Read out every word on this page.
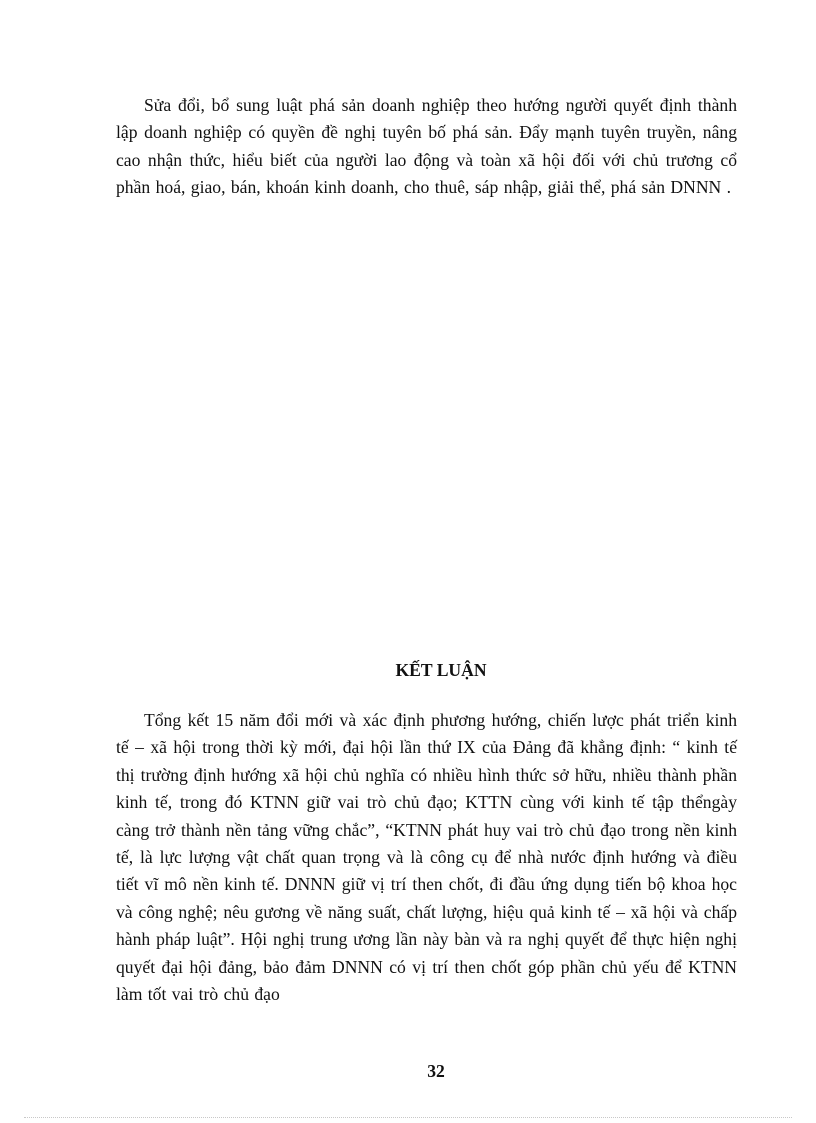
Sửa đổi, bổ sung luật phá sản doanh nghiệp theo hướng người quyết định thành lập doanh nghiệp có quyền đề nghị tuyên bố phá sản. Đẩy mạnh tuyên truyền, nâng cao nhận thức, hiểu biết của người lao động và toàn xã hội đối với chủ trương cổ phần hoá, giao, bán, khoán kinh doanh, cho thuê, sáp nhập, giải thể, phá sản DNNN .

KẾT LUẬN

Tổng kết 15 năm đổi mới và xác định phương hướng, chiến lược phát triển kinh tế – xã hội trong thời kỳ mới, đại hội lần thứ IX của Đảng đã khẳng định: “ kinh tế thị trường định hướng xã hội chủ nghĩa có nhiều hình thức sở hữu, nhiều thành phần kinh tế, trong đó KTNN giữ vai trò chủ đạo; KTTN cùng với kinh tế tập thểngày càng trở thành nền tảng vững chắc”, “KTNN phát huy vai trò chủ đạo trong nền kinh tế, là lực lượng vật chất quan trọng và là công cụ để nhà nước định hướng và điều tiết vĩ mô nền kinh tế. DNNN giữ vị trí then chốt, đi đầu ứng dụng tiến bộ khoa học và công nghệ; nêu gương về năng suất, chất lượng, hiệu quả kinh tế – xã hội và chấp hành pháp luật”. Hội nghị trung ương lần này bàn và ra nghị quyết để thực hiện nghị quyết đại hội đảng, bảo đảm DNNN có vị trí then chốt góp phần chủ yếu để KTNN làm tốt vai trò chủ đạo

32
